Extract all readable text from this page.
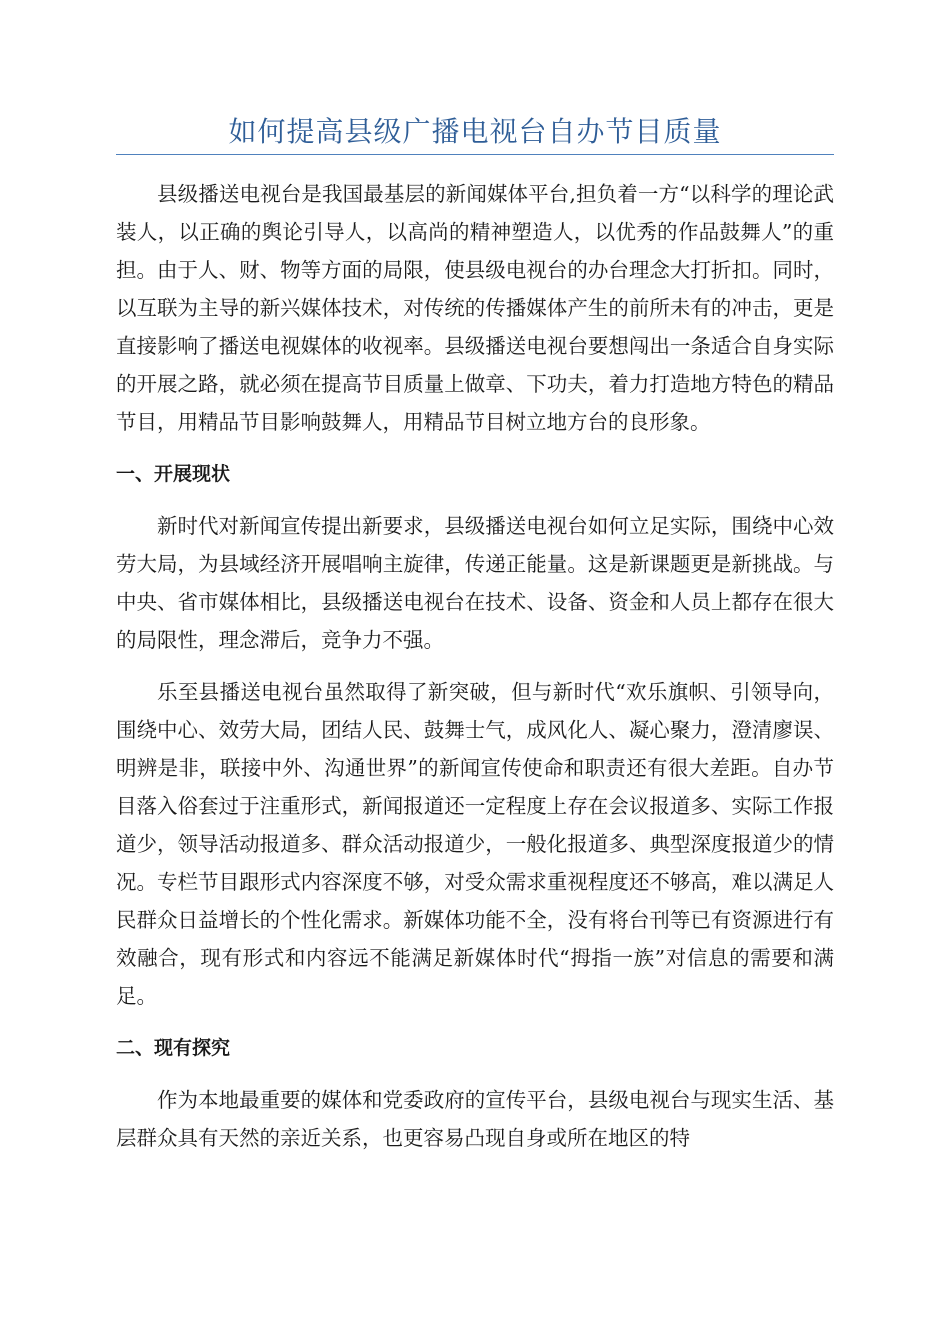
如何提高县级广播电视台自办节目质量

县级播送电视台是我国最基层的新闻媒体平台,担负着一方“以科学的理论武装人，以正确的舆论引导人，以高尚的精神塑造人，以优秀的作品鼓舞人”的重担。由于人、财、物等方面的局限，使县级电视台的办台理念大打折扣。同时，以互联为主导的新兴媒体技术，对传统的传播媒体产生的前所未有的冲击，更是直接影响了播送电视媒体的收视率。县级播送电视台要想闯出一条适合自身实际的开展之路，就必须在提高节目质量上做章、下功夫，着力打造地方特色的精品节目，用精品节目影响鼓舞人，用精品节目树立地方台的良形象。

一、开展现状

新时代对新闻宣传提出新要求，县级播送电视台如何立足实际，围绕中心效劳大局，为县域经济开展唱响主旋律，传递正能量。这是新课题更是新挑战。与中央、省市媒体相比，县级播送电视台在技术、设备、资金和人员上都存在很大的局限性，理念滞后，竞争力不强。

乐至县播送电视台虽然取得了新突破，但与新时代“欢乐旗帜、引领导向，围绕中心、效劳大局，团结人民、鼓舞士气，成风化人、凝心聚力，澄清廖误、明辨是非，联接中外、沟通世界”的新闻宣传使命和职责还有很大差距。自办节目落入俗套过于注重形式，新闻报道还一定程度上存在会议报道多、实际工作报道少，领导活动报道多、群众活动报道少，一般化报道多、典型深度报道少的情况。专栏节目跟形式内容深度不够，对受众需求重视程度还不够高，难以满足人民群众日益增长的个性化需求。新媒体功能不全，没有将台刊等已有资源进行有效融合，现有形式和内容远不能满足新媒体时代“拇指一族”对信息的需要和满足。

二、现有探究

作为本地最重要的媒体和党委政府的宣传平台，县级电视台与现实生活、基层群众具有天然的亲近关系，也更容易凸现自身或所在地区的特
